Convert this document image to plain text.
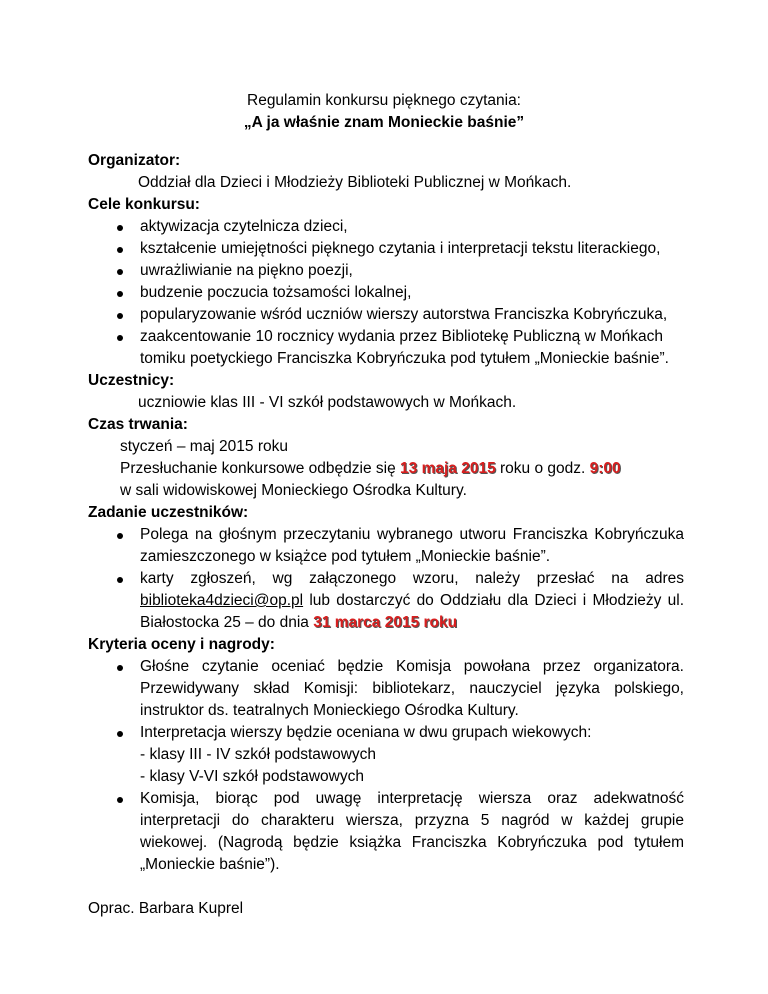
Regulamin konkursu pięknego czytania:
„A ja właśnie znam Monieckie baśnie”
Organizator:
Oddział dla Dzieci i Młodzieży Biblioteki Publicznej w Mońkach.
Cele konkursu:
aktywizacja czytelnicza dzieci,
kształcenie umiejętności pięknego czytania i interpretacji tekstu literackiego,
uwrażliwianie na piękno poezji,
budzenie poczucia tożsamości lokalnej,
popularyzowanie wśród uczniów wierszy autorstwa Franciszka Kobryńczuka,
zaakcentowanie 10 rocznicy wydania przez Bibliotekę Publiczną w Mońkach tomiku poetyckiego Franciszka Kobryńczuka pod tytułem „Monieckie baśnie”.
Uczestnicy:
uczniowie klas III - VI szkół podstawowych w Mońkach.
Czas trwania:
styczeń – maj 2015 roku
Przesłuchanie konkursowe odbędzie się 13 maja 2015 roku o godz. 9:00
w sali widowiskowej Monieckiego Ośrodka Kultury.
Zadanie uczestników:
Polega na głośnym przeczytaniu wybranego utworu Franciszka Kobryńczuka zamieszczonego w książce pod tytułem „Monieckie baśnie”.
karty zgłoszeń, wg załączonego wzoru, należy przesłać na adres biblioteka4dzieci@op.pl lub dostarczyć do Oddziału dla Dzieci i Młodzieży ul. Białostocka 25 – do dnia 31 marca 2015 roku
Kryteria oceny i nagrody:
Głośne czytanie oceniać będzie Komisja powołana przez organizatora. Przewidywany skład Komisji: bibliotekarz, nauczyciel języka polskiego, instruktor ds. teatralnych Monieckiego Ośrodka Kultury.
Interpretacja wierszy będzie oceniana w dwu grupach wiekowych:
- klasy III - IV szkół podstawowych
- klasy V-VI szkół podstawowych
Komisja, biorąc pod uwagę interpretację wiersza oraz adekwatność interpretacji do charakteru wiersza, przyzna 5 nagród w każdej grupie wiekowej. (Nagrodą będzie książka Franciszka Kobryńczuka pod tytułem „Monieckie baśnie”).
Oprac. Barbara Kuprel
